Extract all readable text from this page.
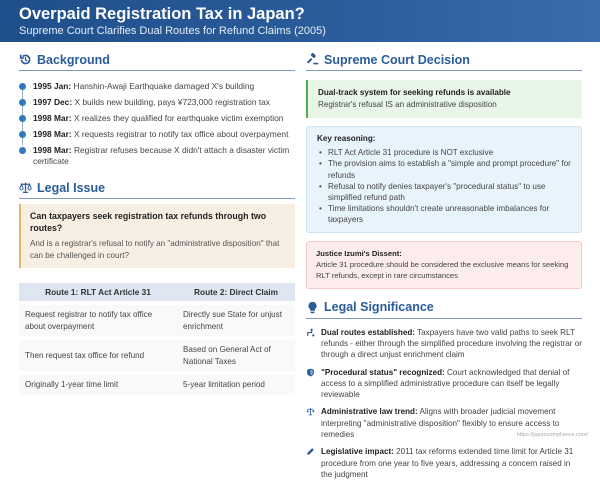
Overpaid Registration Tax in Japan?
Supreme Court Clarifies Dual Routes for Refund Claims (2005)
Background
1995 Jan: Hanshin-Awaji Earthquake damaged X's building
1997 Dec: X builds new building, pays ¥723,000 registration tax
1998 Mar: X realizes they qualified for earthquake victim exemption
1998 Mar: X requests registrar to notify tax office about overpayment
1998 Mar: Registrar refuses because X didn't attach a disaster victim certificate
Legal Issue
Can taxpayers seek registration tax refunds through two routes?
And is a registrar's refusal to notify an "administrative disposition" that can be challenged in court?
Route 1: RLT Act Article 31	Route 2: Direct Claim
Request registrar to notify tax office about overpayment	Directly sue State for unjust enrichment
Then request tax office for refund	Based on General Act of National Taxes
Originally 1-year time limit	5-year limitation period
Supreme Court Decision
Dual-track system for seeking refunds is available
Registrar's refusal IS an administrative disposition
Key reasoning:
• RLT Act Article 31 procedure is NOT exclusive
• The provision aims to establish a "simple and prompt procedure" for refunds
• Refusal to notify denies taxpayer's "procedural status" to use simplified refund path
• Time limitations shouldn't create unreasonable imbalances for taxpayers
Justice Izumi's Dissent:
Article 31 procedure should be considered the exclusive means for seeking RLT refunds, except in rare circumstances
Legal Significance
Dual routes established: Taxpayers have two valid paths to seek RLT refunds - either through the simplified procedure involving the registrar or through a direct unjust enrichment claim
"Procedural status" recognized: Court acknowledged that denial of access to a simplified administrative procedure can itself be legally reviewable
Administrative law trend: Aligns with broader judicial movement interpreting "administrative disposition" flexibly to ensure access to remedies
Legislative impact: 2011 tax reforms extended time limit for Article 31 procedure from one year to five years, addressing a concern raised in the judgment
https://japancompliance.com/
